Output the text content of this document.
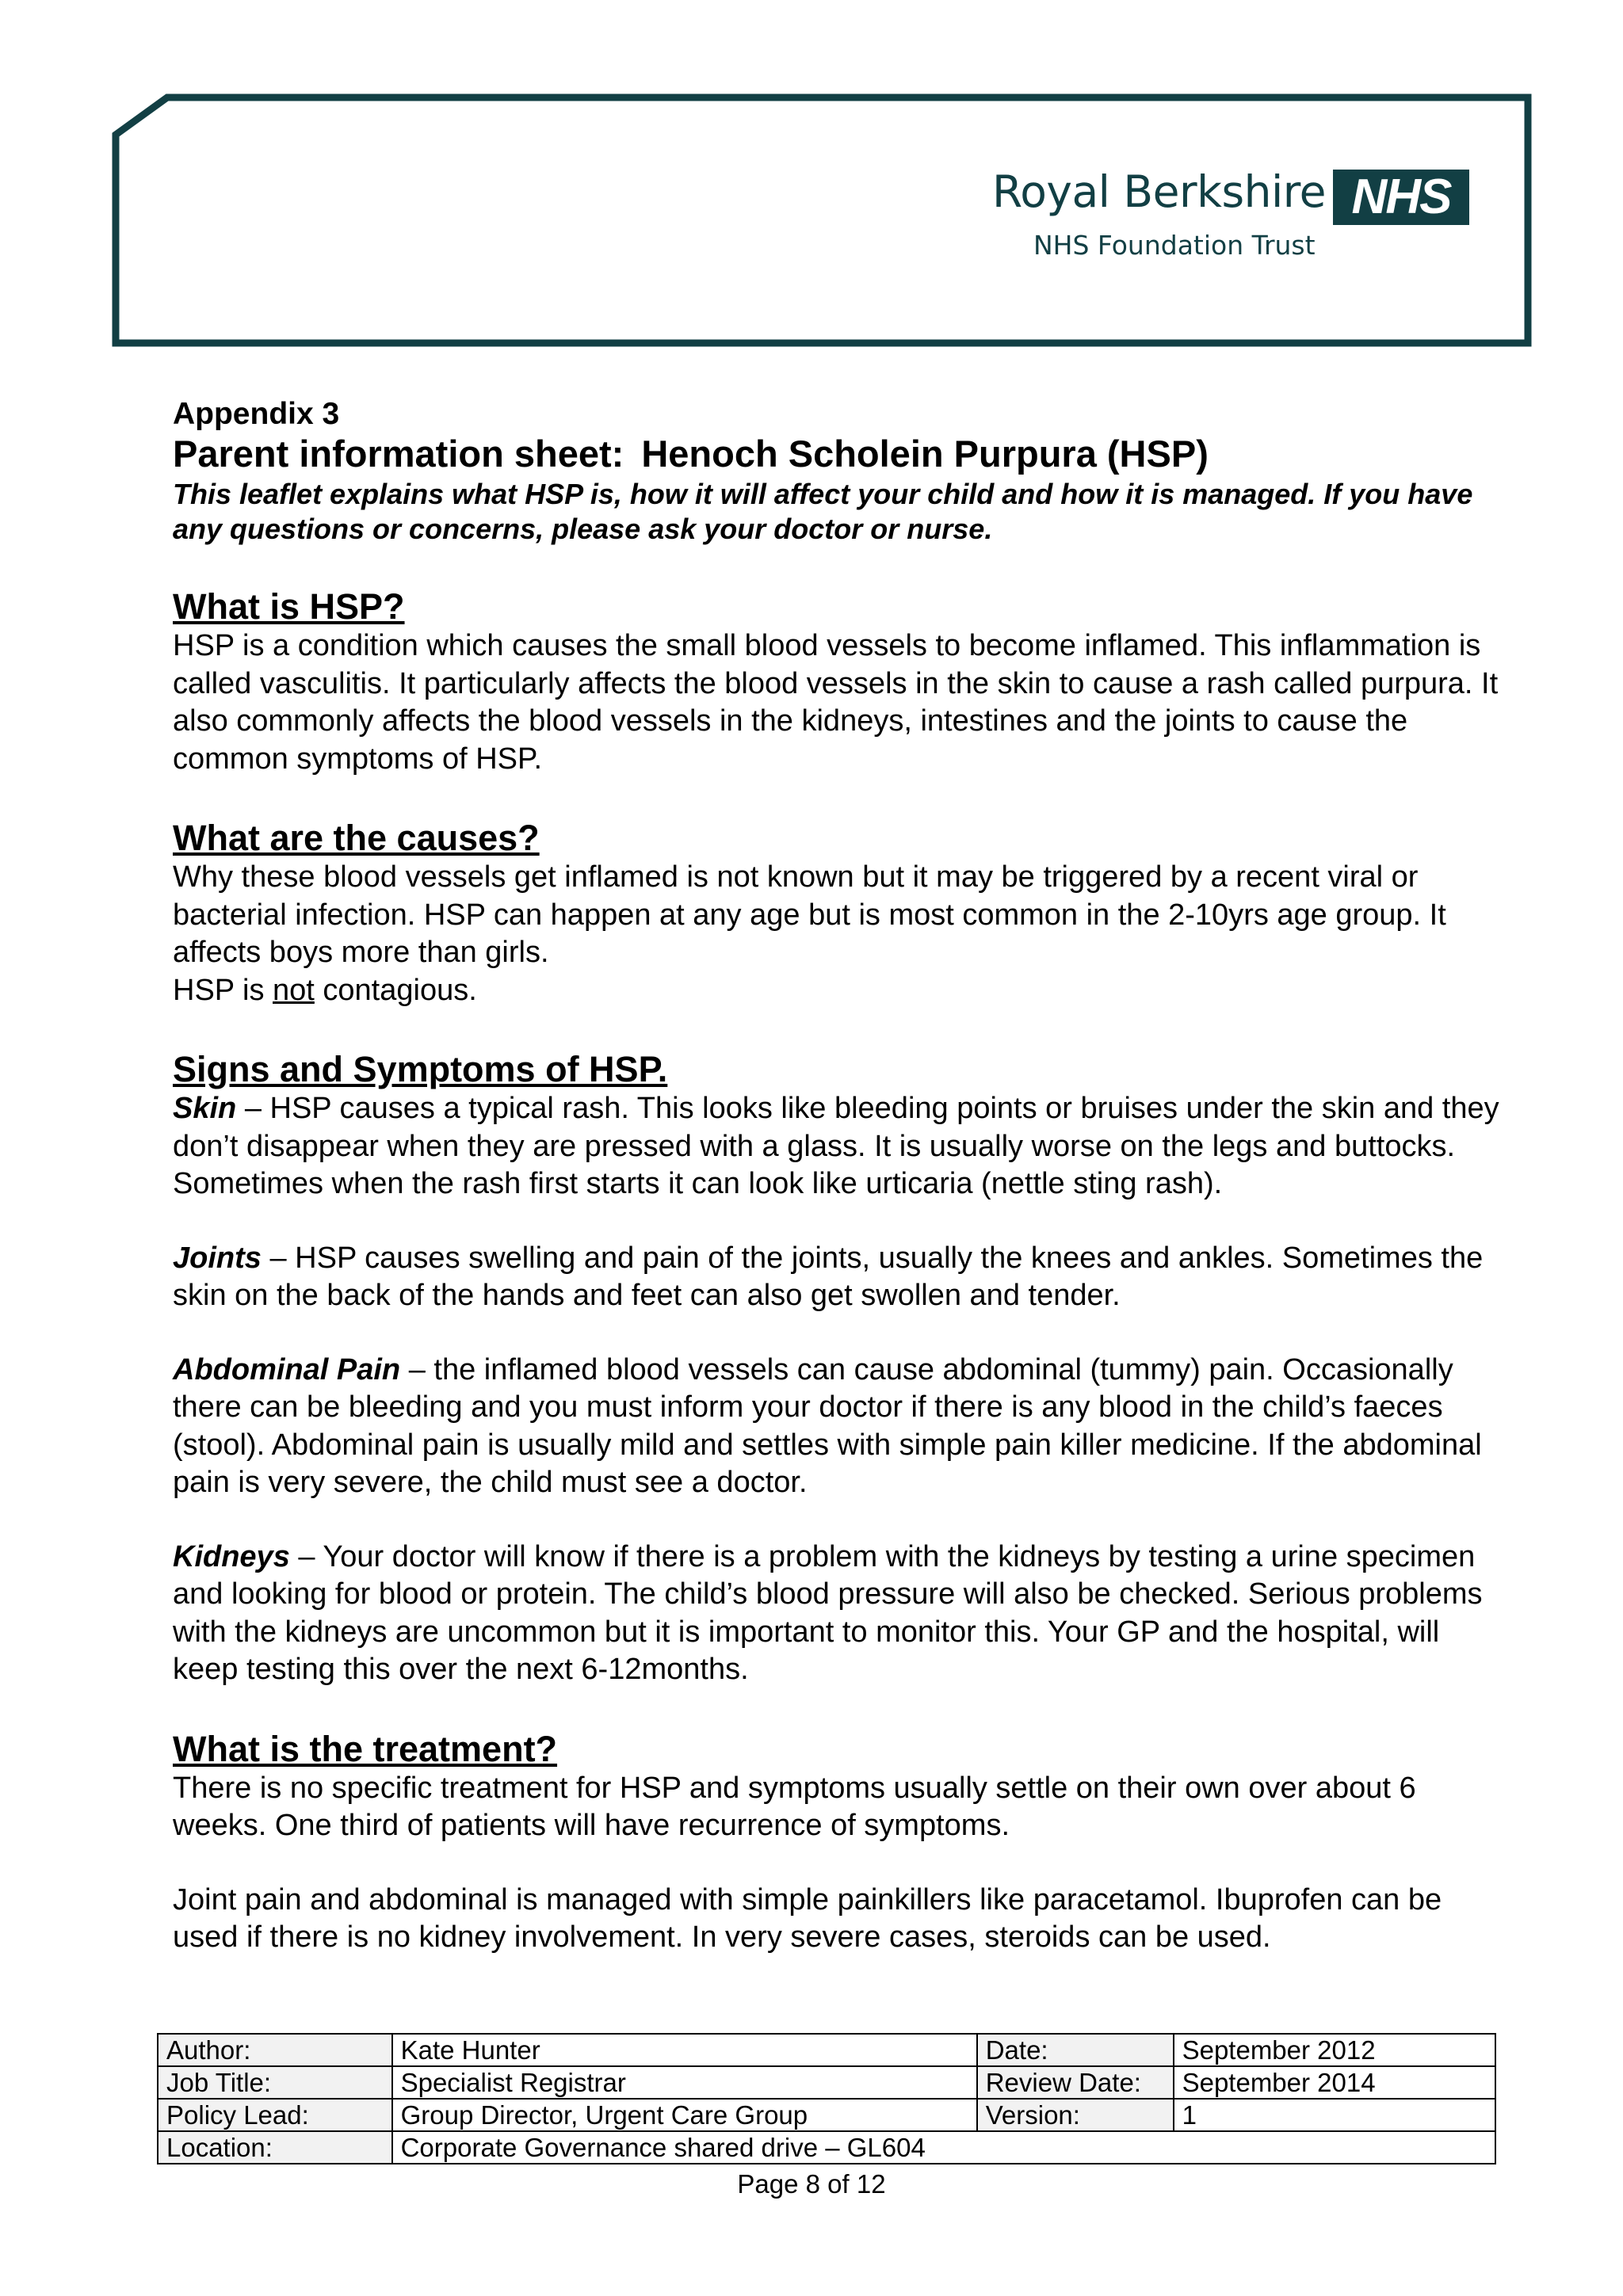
Royal Berkshire NHS
NHS Foundation Trust
Appendix 3
Parent information sheet: Henoch Scholein Purpura (HSP)
This leaflet explains what HSP is, how it will affect your child and how it is managed. If you have any questions or concerns, please ask your doctor or nurse.
What is HSP?

HSP is a condition which causes the small blood vessels to become inflamed. This inflammation is called vasculitis. It particularly affects the blood vessels in the skin to cause a rash called purpura. It also commonly affects the blood vessels in the kidneys, intestines and the joints to cause the common symptoms of HSP.

What are the causes?

Why these blood vessels get inflamed is not known but it may be triggered by a recent viral or bacterial infection. HSP can happen at any age but is most common in the 2-10yrs age group. It affects boys more than girls.

HSP is not contagious.

Signs and Symptoms of HSP.

Skin – HSP causes a typical rash. This looks like bleeding points or bruises under the skin and they don’t disappear when they are pressed with a glass. It is usually worse on the legs and buttocks. Sometimes when the rash first starts it can look like urticaria (nettle sting rash).

Joints – HSP causes swelling and pain of the joints, usually the knees and ankles. Sometimes the skin on the back of the hands and feet can also get swollen and tender.

Abdominal Pain – the inflamed blood vessels can cause abdominal (tummy) pain. Occasionally there can be bleeding and you must inform your doctor if there is any blood in the child’s faeces (stool). Abdominal pain is usually mild and settles with simple pain killer medicine. If the abdominal pain is very severe, the child must see a doctor.

Kidneys – Your doctor will know if there is a problem with the kidneys by testing a urine specimen and looking for blood or protein. The child’s blood pressure will also be checked. Serious problems with the kidneys are uncommon but it is important to monitor this. Your GP and the hospital, will keep testing this over the next 6-12months.

What is the treatment?

There is no specific treatment for HSP and symptoms usually settle on their own over about 6 weeks. One third of patients will have recurrence of symptoms.

Joint pain and abdominal is managed with simple painkillers like paracetamol. Ibuprofen can be used if there is no kidney involvement. In very severe cases, steroids can be used.

Author:	Kate Hunter	Date:	September 2012
Job Title:	Specialist Registrar	Review Date:	September 2014
Policy Lead:	Group Director, Urgent Care Group	Version:	1
Location:	Corporate Governance shared drive – GL604		
Page 8 of 12
